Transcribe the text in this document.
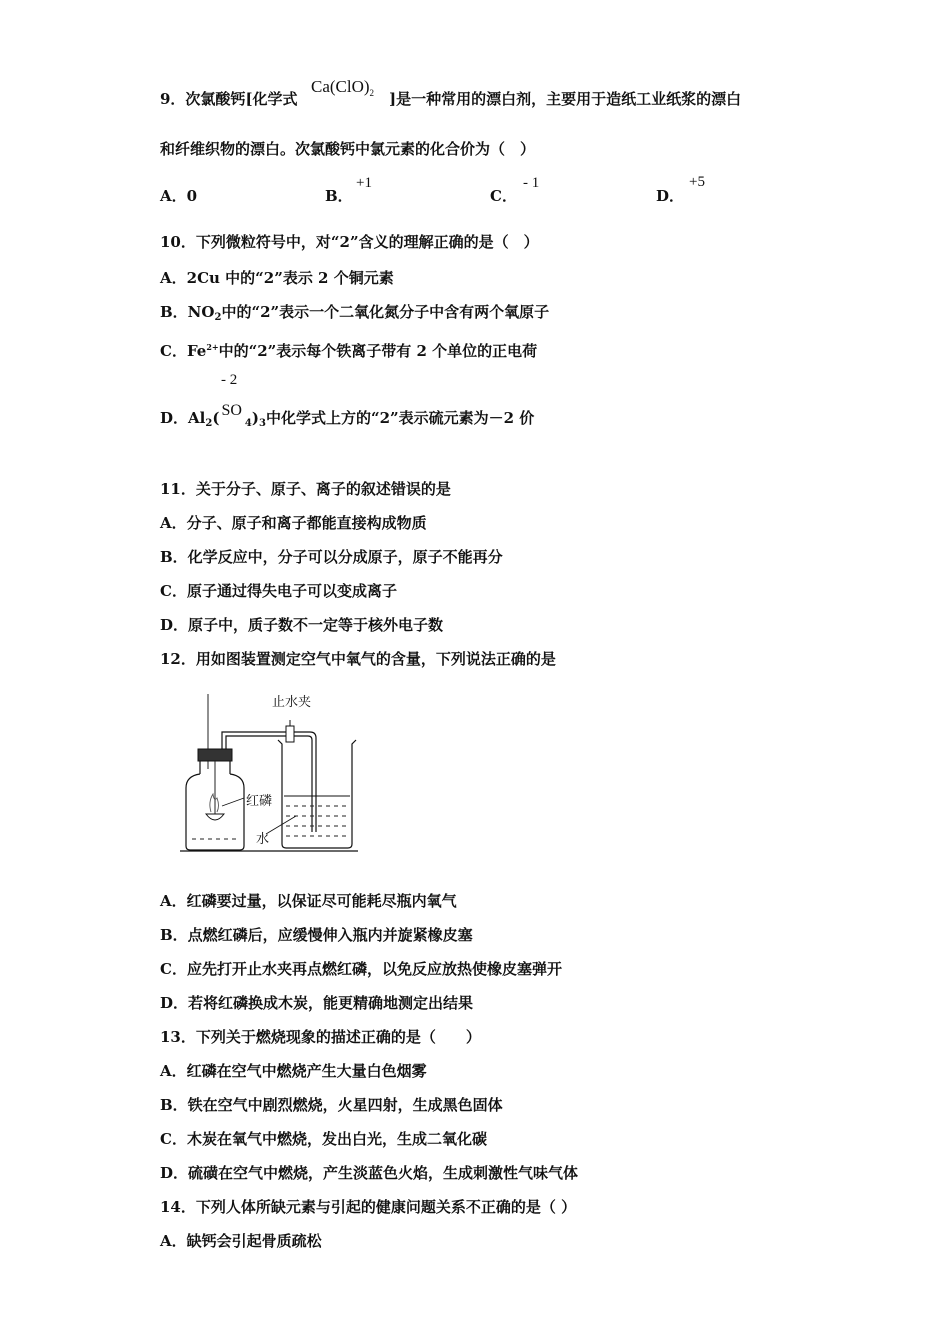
9．次氯酸钙[化学式
$Ca(ClO)_2$ ]是一种常用的漂白剂，主要用于造纸工业纸浆的漂白
和纤维织物的漂白。次氯酸钙中氯元素的化合价为（　）
A．0	B．
+1
C．
- 1
D．
+5
10．下列微粒符号中，对“2”含义的理解正确的是（　）
A．2Cu 中的“2”表示 2 个铜元素
B．$NO_2$中的“2”表示一个二氧化氮分子中含有两个氧原子
C．$Fe^{2+}$中的“2”表示每个铁离子带有 2 个单位的正电荷
- 2
D．$Al_2$( $SO_4)_3$中化学式上方的“2”表示硫元素为－2 价
11．关于分子、原子、离子的叙述错误的是
A．分子、原子和离子都能直接构成物质
B．化学反应中，分子可以分成原子，原子不能再分
C．原子通过得失电子可以变成离子
D．原子中，质子数不一定等于核外电子数
12．用如图装置测定空气中氧气的含量，下列说法正确的是
止水夹
红磷
水
A．红磷要过量，以保证尽可能耗尽瓶内氧气
B．点燃红磷后，应缓慢伸入瓶内并旋紧橡皮塞
C．应先打开止水夹再点燃红磷，以免反应放热使橡皮塞弹开
D．若将红磷换成木炭，能更精确地测定出结果
13．下列关于燃烧现象的描述正确的是（　　）
A．红磷在空气中燃烧产生大量白色烟雾
B．铁在空气中剧烈燃烧，火星四射，生成黑色固体
C．木炭在氧气中燃烧，发出白光，生成二氧化碳
D．硫磺在空气中燃烧，产生淡蓝色火焰，生成刺激性气味气体
14．下列人体所缺元素与引起的健康问题关系不正确的是（ ）
A．缺钙会引起骨质疏松
